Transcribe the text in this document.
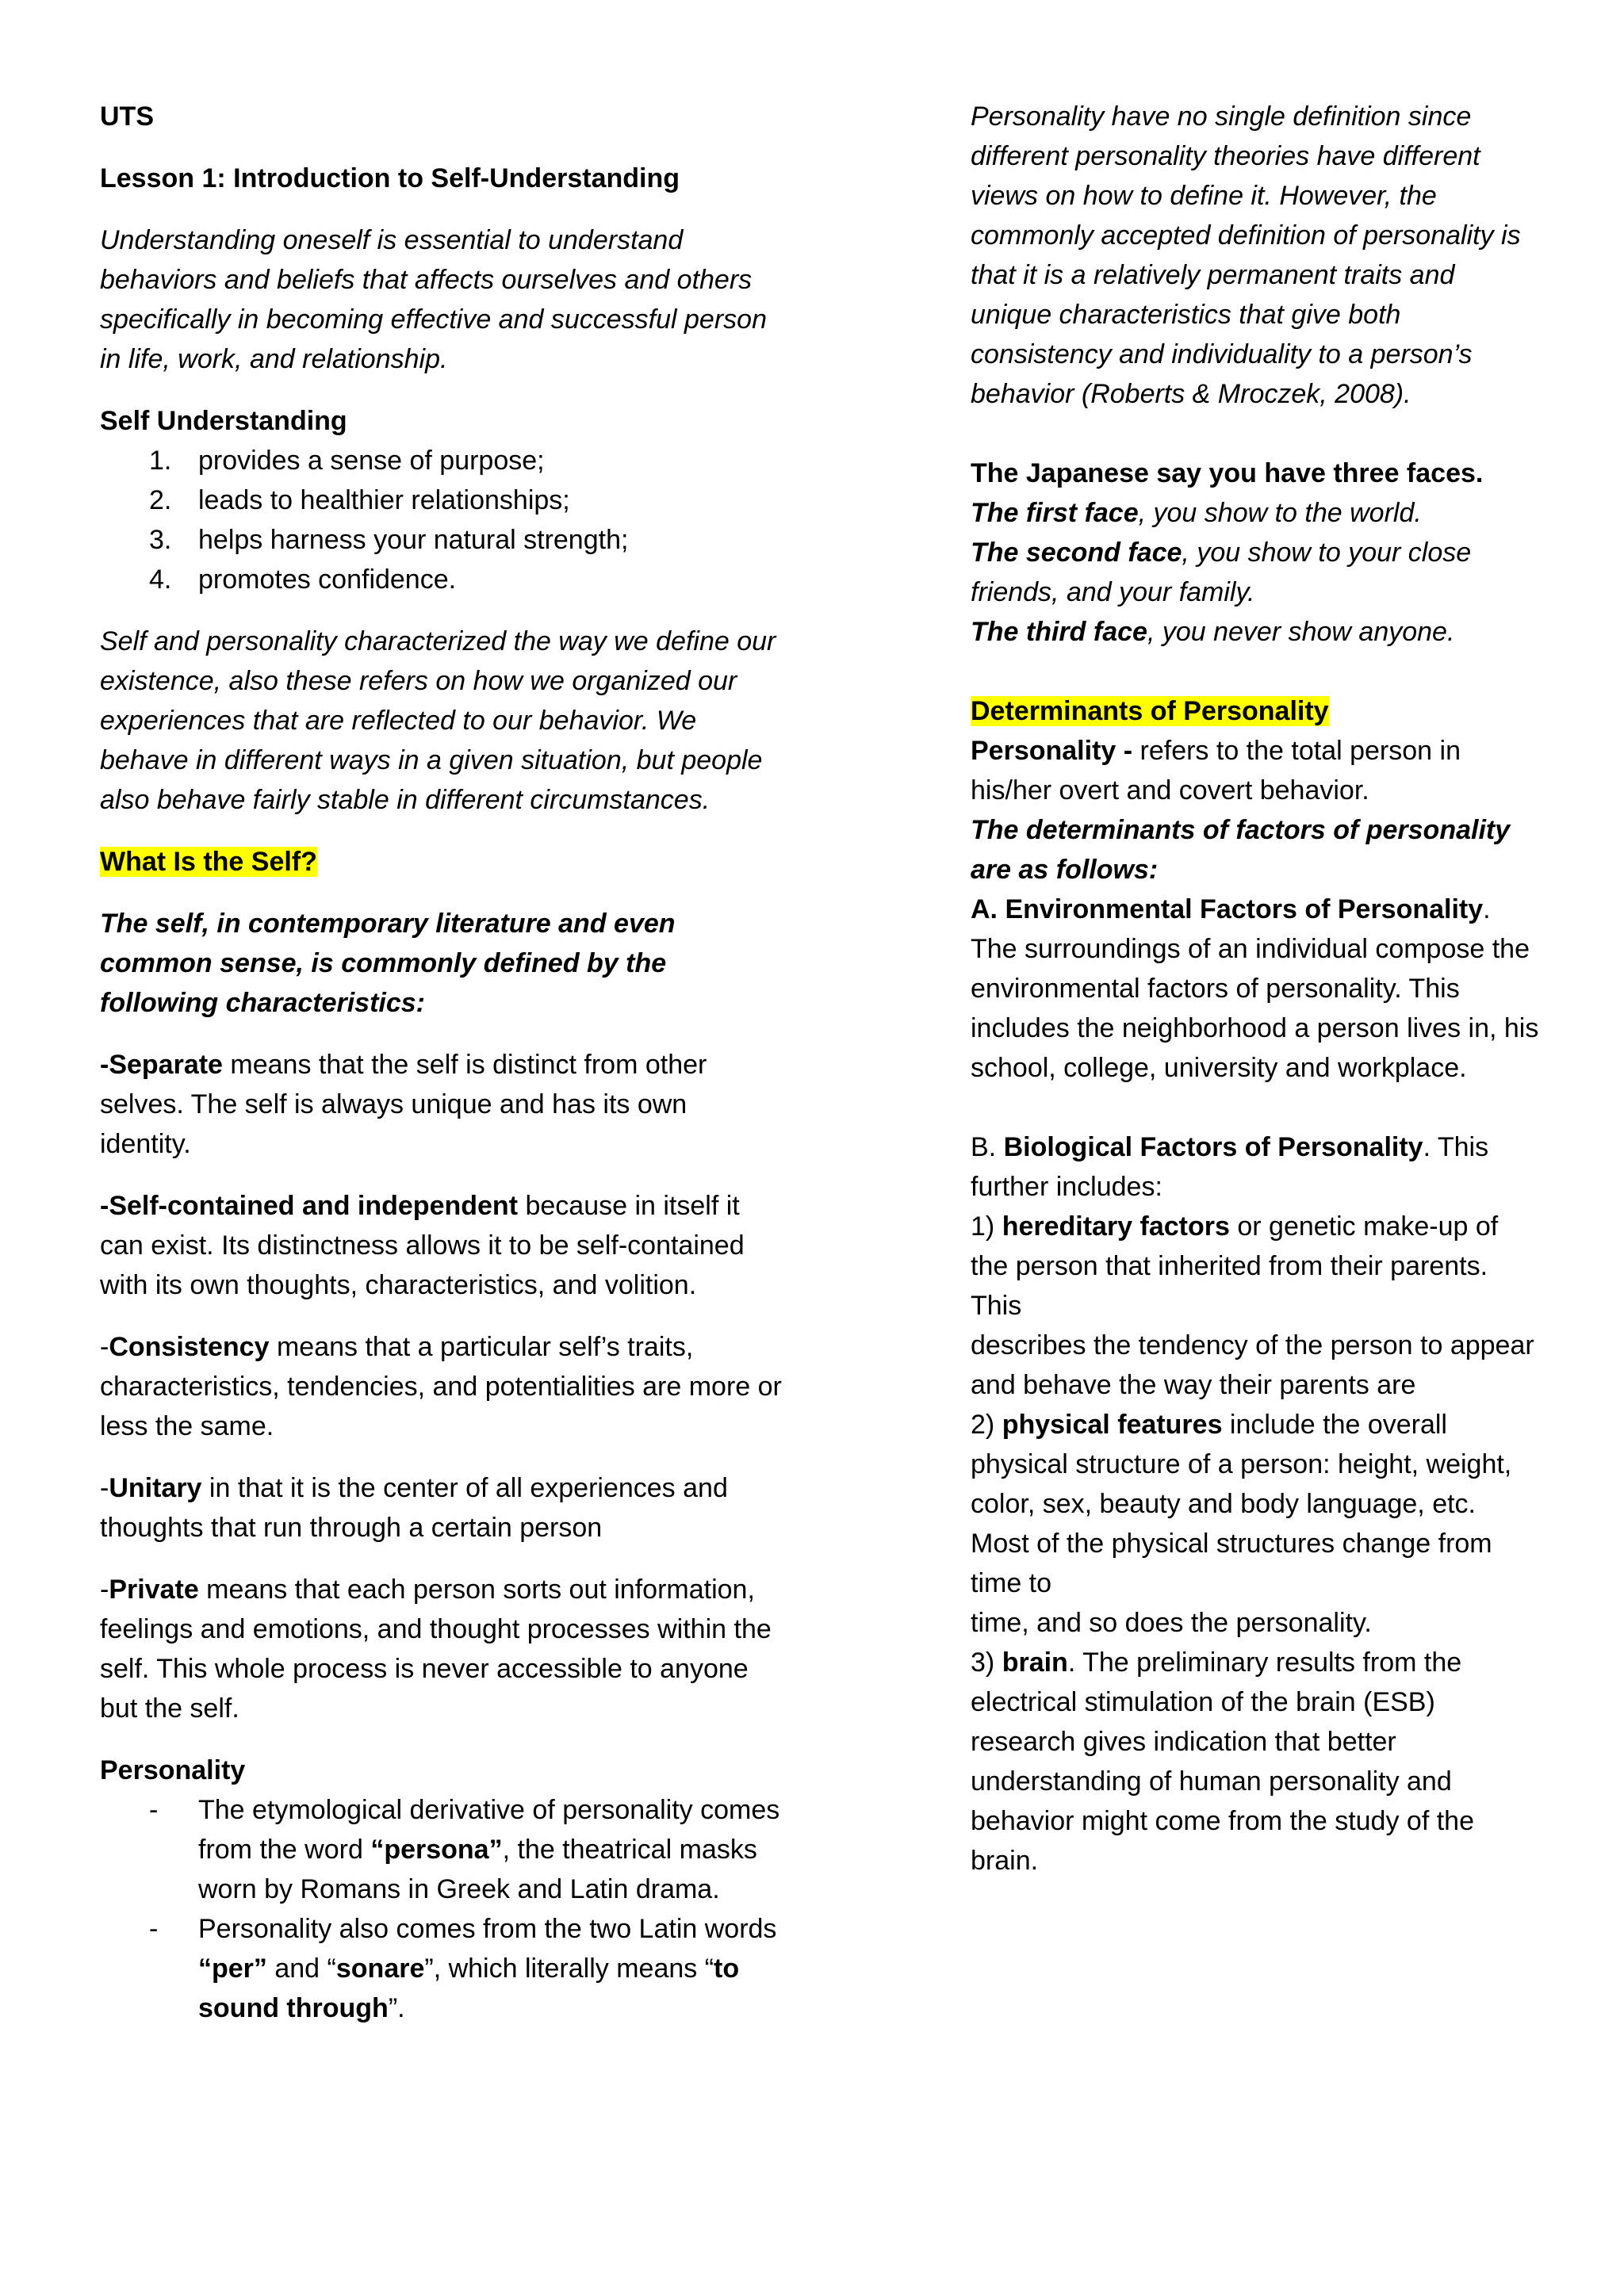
UTS

Lesson 1: Introduction to Self-Understanding

Understanding oneself is essential to understand behaviors and beliefs that affects ourselves and others specifically in becoming effective and successful person in life, work, and relationship.

Self Understanding

1. provides a sense of purpose;
2. leads to healthier relationships;
3. helps harness your natural strength;
4. promotes confidence.

Self and personality characterized the way we define our existence, also these refers on how we organized our experiences that are reflected to our behavior. We behave in different ways in a given situation, but people also behave fairly stable in different circumstances.

What Is the Self?

The self, in contemporary literature and even common sense, is commonly defined by the following characteristics:

-Separate means that the self is distinct from other selves. The self is always unique and has its own identity.

-Self-contained and independent because in itself it can exist. Its distinctness allows it to be self-contained with its own thoughts, characteristics, and volition.

-Consistency means that a particular self’s traits, characteristics, tendencies, and potentialities are more or less the same.

-Unitary in that it is the center of all experiences and thoughts that run through a certain person

-Private means that each person sorts out information, feelings and emotions, and thought processes within the self. This whole process is never accessible to anyone but the self.

Personality

- The etymological derivative of personality comes from the word “persona”, the theatrical masks worn by Romans in Greek and Latin drama.
- Personality also comes from the two Latin words “per” and “sonare”, which literally means “to sound through”.

Personality have no single definition since different personality theories have different views on how to define it. However, the commonly accepted definition of personality is that it is a relatively permanent traits and unique characteristics that give both consistency and individuality to a person’s behavior (Roberts & Mroczek, 2008).

The Japanese say you have three faces.

The first face, you show to the world.

The second face, you show to your close friends, and your family.

The third face, you never show anyone.

Determinants of Personality

Personality - refers to the total person in his/her overt and covert behavior.

The determinants of factors of personality are as follows:

A. Environmental Factors of Personality. The surroundings of an individual compose the environmental factors of personality. This includes the neighborhood a person lives in, his school, college, university and workplace.

B. Biological Factors of Personality. This further includes:

1) hereditary factors or genetic make-up of the person that inherited from their parents. This

describes the tendency of the person to appear and behave the way their parents are

2) physical features include the overall physical structure of a person: height, weight, color, sex, beauty and body language, etc. Most of the physical structures change from time to

time, and so does the personality.

3) brain. The preliminary results from the electrical stimulation of the brain (ESB) research gives indication that better understanding of human personality and behavior might come from the study of the brain.
